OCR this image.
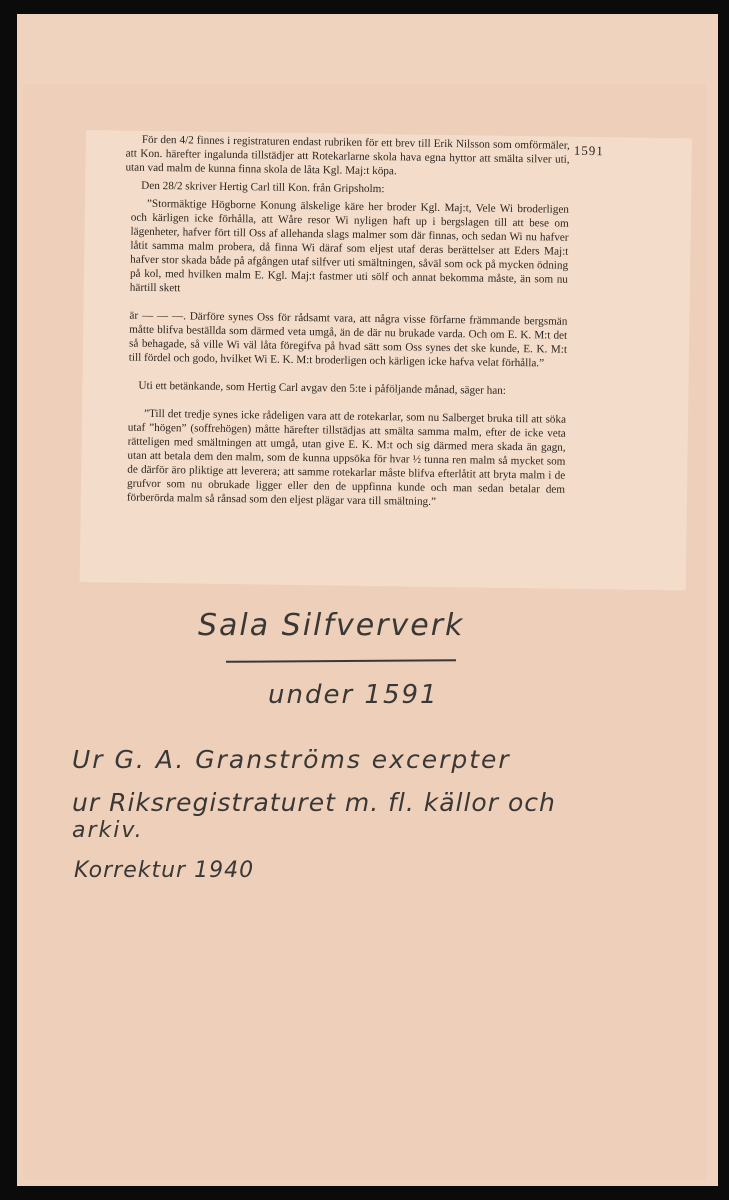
För den 4/2 finnes i registraturen endast rubriken för ett brev till Erik Nilsson som omförmäler, att Kon. härefter ingalunda tillstädjer att Rotekarlarne skola hava egna hyttor att smälta silver uti, utan vad malm de kunna finna skola de låta Kgl. Maj:t köpa.

Den 28/2 skriver Hertig Carl till Kon. från Gripsholm:

”Stormäktige Högborne Konung älskelige käre her broder Kgl. Maj:t, Vele Wi broderligen och kärligen icke förhålla, att Wåre resor Wi nyligen haft up i bergslagen till att bese om lägenheter, hafver fört till Oss af allehanda slags malmer som där finnas, och sedan Wi nu hafver låtit samma malm probera, då finna Wi däraf som eljest utaf deras berättelser att Eders Maj:t hafver stor skada både på afgången utaf silfver uti smältningen, såväl som ock på mycken ödning på kol, med hvilken malm E. Kgl. Maj:t fastmer uti sölf och annat bekomma måste, än som nu härtill skett

är — — —. Därföre synes Oss för rådsamt vara, att några visse förfarne främmande bergsmän måtte blifva beställda som därmed veta umgå, än de där nu brukade varda. Och om E. K. M:t det så behagade, så ville Wi väl låta föregifva på hvad sätt som Oss synes det ske kunde, E. K. M:t till fördel och godo, hvilket Wi E. K. M:t broderligen och kärligen icke hafva velat förhålla.”

Uti ett betänkande, som Hertig Carl avgav den 5:te i påföljande månad, säger han:

”Till det tredje synes icke rådeligen vara att de rotekarlar, som nu Salberget bruka till att söka utaf ”högen” (soffrehögen) måtte härefter tillstädjas att smälta samma malm, efter de icke veta rätteligen med smältningen att umgå, utan give E. K. M:t och sig därmed mera skada än gagn, utan att betala dem den malm, som de kunna uppsöka för hvar ½ tunna ren malm så mycket som de därför äro pliktige att leverera; att samme rotekarlar måste blifva efterlåtit att bryta malm i de grufvor som nu obrukade ligger eller den de uppfinna kunde och man sedan betalar dem förberörda malm så rånsad som den eljest plägar vara till smältning.”

1591
Sala Silfververk
under 1591
Ur G. A. Granströms excerpter
ur Riksregistraturet m. fl. källor och
arkiv.
Korrektur 1940
